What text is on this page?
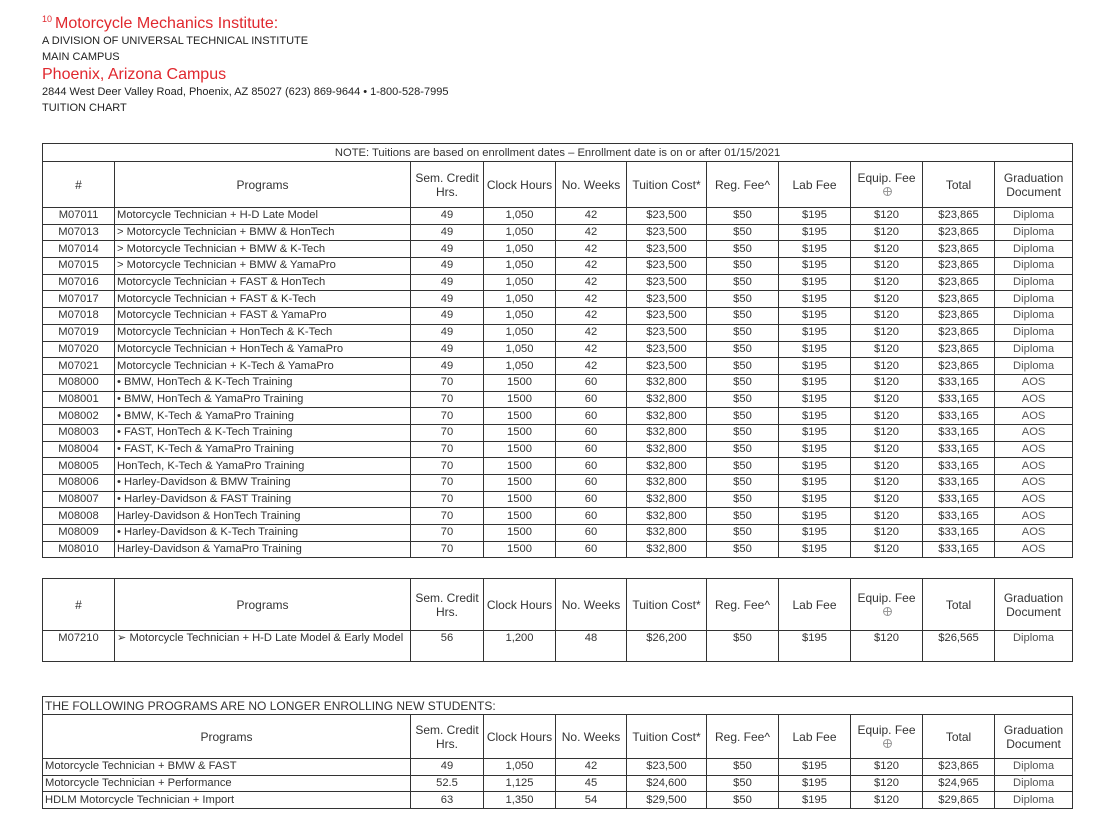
$^{10}$ Motorcycle Mechanics Institute:
A DIVISION OF UNIVERSAL TECHNICAL INSTITUTE
MAIN CAMPUS
Phoenix, Arizona Campus
2844 West Deer Valley Road, Phoenix, AZ 85027 (623) 869-9644 • 1-800-528-7995
TUITION CHART
NOTE: Tuitions are based on enrollment dates – Enrollment date is on or after 01/15/2021										
#	Programs	Sem. Credit Hrs.	Clock Hours	No. Weeks	Tuition Cost*	Reg. Fee^	Lab Fee	Equip. Fee	Total	Graduation Document
M07011	Motorcycle Technician + H-D Late Model	49	1,050	42	$23,500	$50	$195	$120	$23,865	Diploma
M07013	> Motorcycle Technician + BMW & HonTech	49	1,050	42	$23,500	$50	$195	$120	$23,865	Diploma
M07014	> Motorcycle Technician + BMW & K-Tech	49	1,050	42	$23,500	$50	$195	$120	$23,865	Diploma
M07015	> Motorcycle Technician + BMW & YamaPro	49	1,050	42	$23,500	$50	$195	$120	$23,865	Diploma
M07016	Motorcycle Technician + FAST & HonTech	49	1,050	42	$23,500	$50	$195	$120	$23,865	Diploma
M07017	Motorcycle Technician + FAST & K-Tech	49	1,050	42	$23,500	$50	$195	$120	$23,865	Diploma
M07018	Motorcycle Technician + FAST & YamaPro	49	1,050	42	$23,500	$50	$195	$120	$23,865	Diploma
M07019	Motorcycle Technician + HonTech & K-Tech	49	1,050	42	$23,500	$50	$195	$120	$23,865	Diploma
M07020	Motorcycle Technician + HonTech & YamaPro	49	1,050	42	$23,500	$50	$195	$120	$23,865	Diploma
M07021	Motorcycle Technician + K-Tech & YamaPro	49	1,050	42	$23,500	$50	$195	$120	$23,865	Diploma
M08000	• BMW, HonTech & K-Tech Training	70	1500	60	$32,800	$50	$195	$120	$33,165	AOS
M08001	• BMW, HonTech & YamaPro Training	70	1500	60	$32,800	$50	$195	$120	$33,165	AOS
M08002	• BMW, K-Tech & YamaPro Training	70	1500	60	$32,800	$50	$195	$120	$33,165	AOS
M08003	• FAST, HonTech & K-Tech Training	70	1500	60	$32,800	$50	$195	$120	$33,165	AOS
M08004	• FAST, K-Tech & YamaPro Training	70	1500	60	$32,800	$50	$195	$120	$33,165	AOS
M08005	HonTech, K-Tech & YamaPro Training	70	1500	60	$32,800	$50	$195	$120	$33,165	AOS
M08006	• Harley-Davidson & BMW Training	70	1500	60	$32,800	$50	$195	$120	$33,165	AOS
M08007	• Harley-Davidson & FAST Training	70	1500	60	$32,800	$50	$195	$120	$33,165	AOS
M08008	Harley-Davidson & HonTech Training	70	1500	60	$32,800	$50	$195	$120	$33,165	AOS
M08009	• Harley-Davidson & K-Tech Training	70	1500	60	$32,800	$50	$195	$120	$33,165	AOS
M08010	Harley-Davidson & YamaPro Training	70	1500	60	$32,800	$50	$195	$120	$33,165	AOS
#	Programs	Sem. Credit Hrs.	Clock Hours	No. Weeks	Tuition Cost*	Reg. Fee^	Lab Fee	Equip. Fee	Total	Graduation Document
M07210	➢ Motorcycle Technician + H-D Late Model & Early Model	56	1,200	48	$26,200	$50	$195	$120	$26,565	Diploma
THE FOLLOWING PROGRAMS ARE NO LONGER ENROLLING NEW STUDENTS:									
Programs	Sem. Credit Hrs.	Clock Hours	No. Weeks	Tuition Cost*	Reg. Fee^	Lab Fee	Equip. Fee	Total	Graduation Document
Motorcycle Technician + BMW & FAST	49	1,050	42	$23,500	$50	$195	$120	$23,865	Diploma
Motorcycle Technician + Performance	52.5	1,125	45	$24,600	$50	$195	$120	$24,965	Diploma
HDLM Motorcycle Technician + Import	63	1,350	54	$29,500	$50	$195	$120	$29,865	Diploma
